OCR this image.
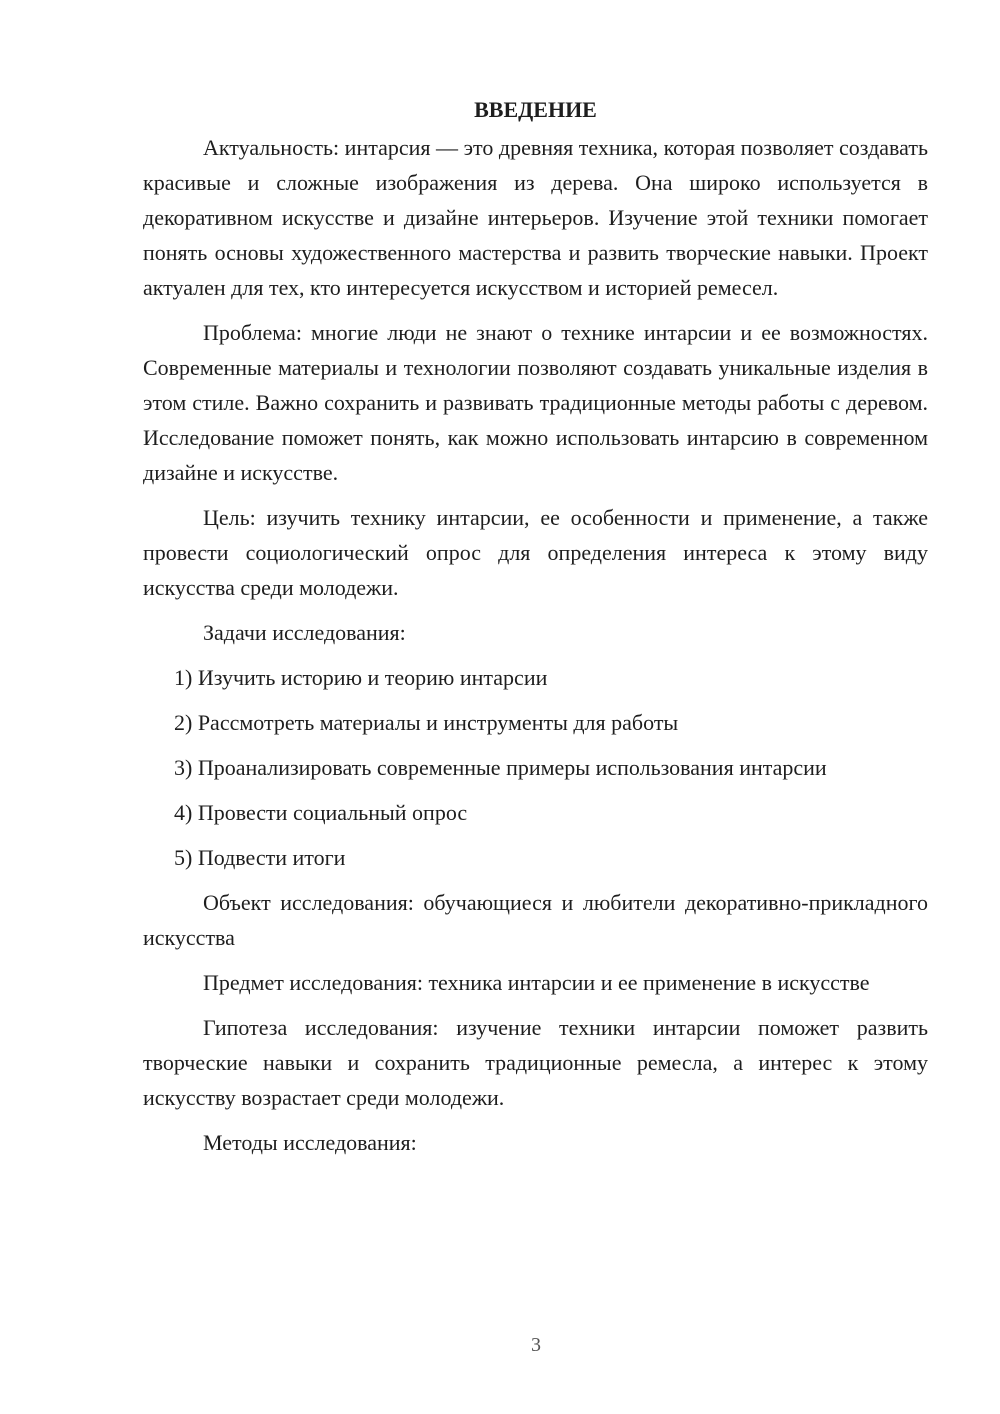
ВВЕДЕНИЕ

Актуальность: интарсия — это древняя техника, которая позволяет создавать красивые и сложные изображения из дерева. Она широко используется в декоративном искусстве и дизайне интерьеров. Изучение этой техники помогает понять основы художественного мастерства и развить творческие навыки. Проект актуален для тех, кто интересуется искусством и историей ремесел.

Проблема: многие люди не знают о технике интарсии и ее возможностях. Современные материалы и технологии позволяют создавать уникальные изделия в этом стиле. Важно сохранить и развивать традиционные методы работы с деревом. Исследование поможет понять, как можно использовать интарсию в современном дизайне и искусстве.

Цель: изучить технику интарсии, ее особенности и применение, а также провести социологический опрос для определения интереса к этому виду искусства среди молодежи.

Задачи исследования:

1) Изучить историю и теорию интарсии

2) Рассмотреть материалы и инструменты для работы

3) Проанализировать современные примеры использования интарсии

4) Провести социальный опрос

5) Подвести итоги

Объект исследования: обучающиеся и любители декоративно-прикладного искусства

Предмет исследования: техника интарсии и ее применение в искусстве

Гипотеза исследования: изучение техники интарсии поможет развить творческие навыки и сохранить традиционные ремесла, а интерес к этому искусству возрастает среди молодежи.

Методы исследования:

3
